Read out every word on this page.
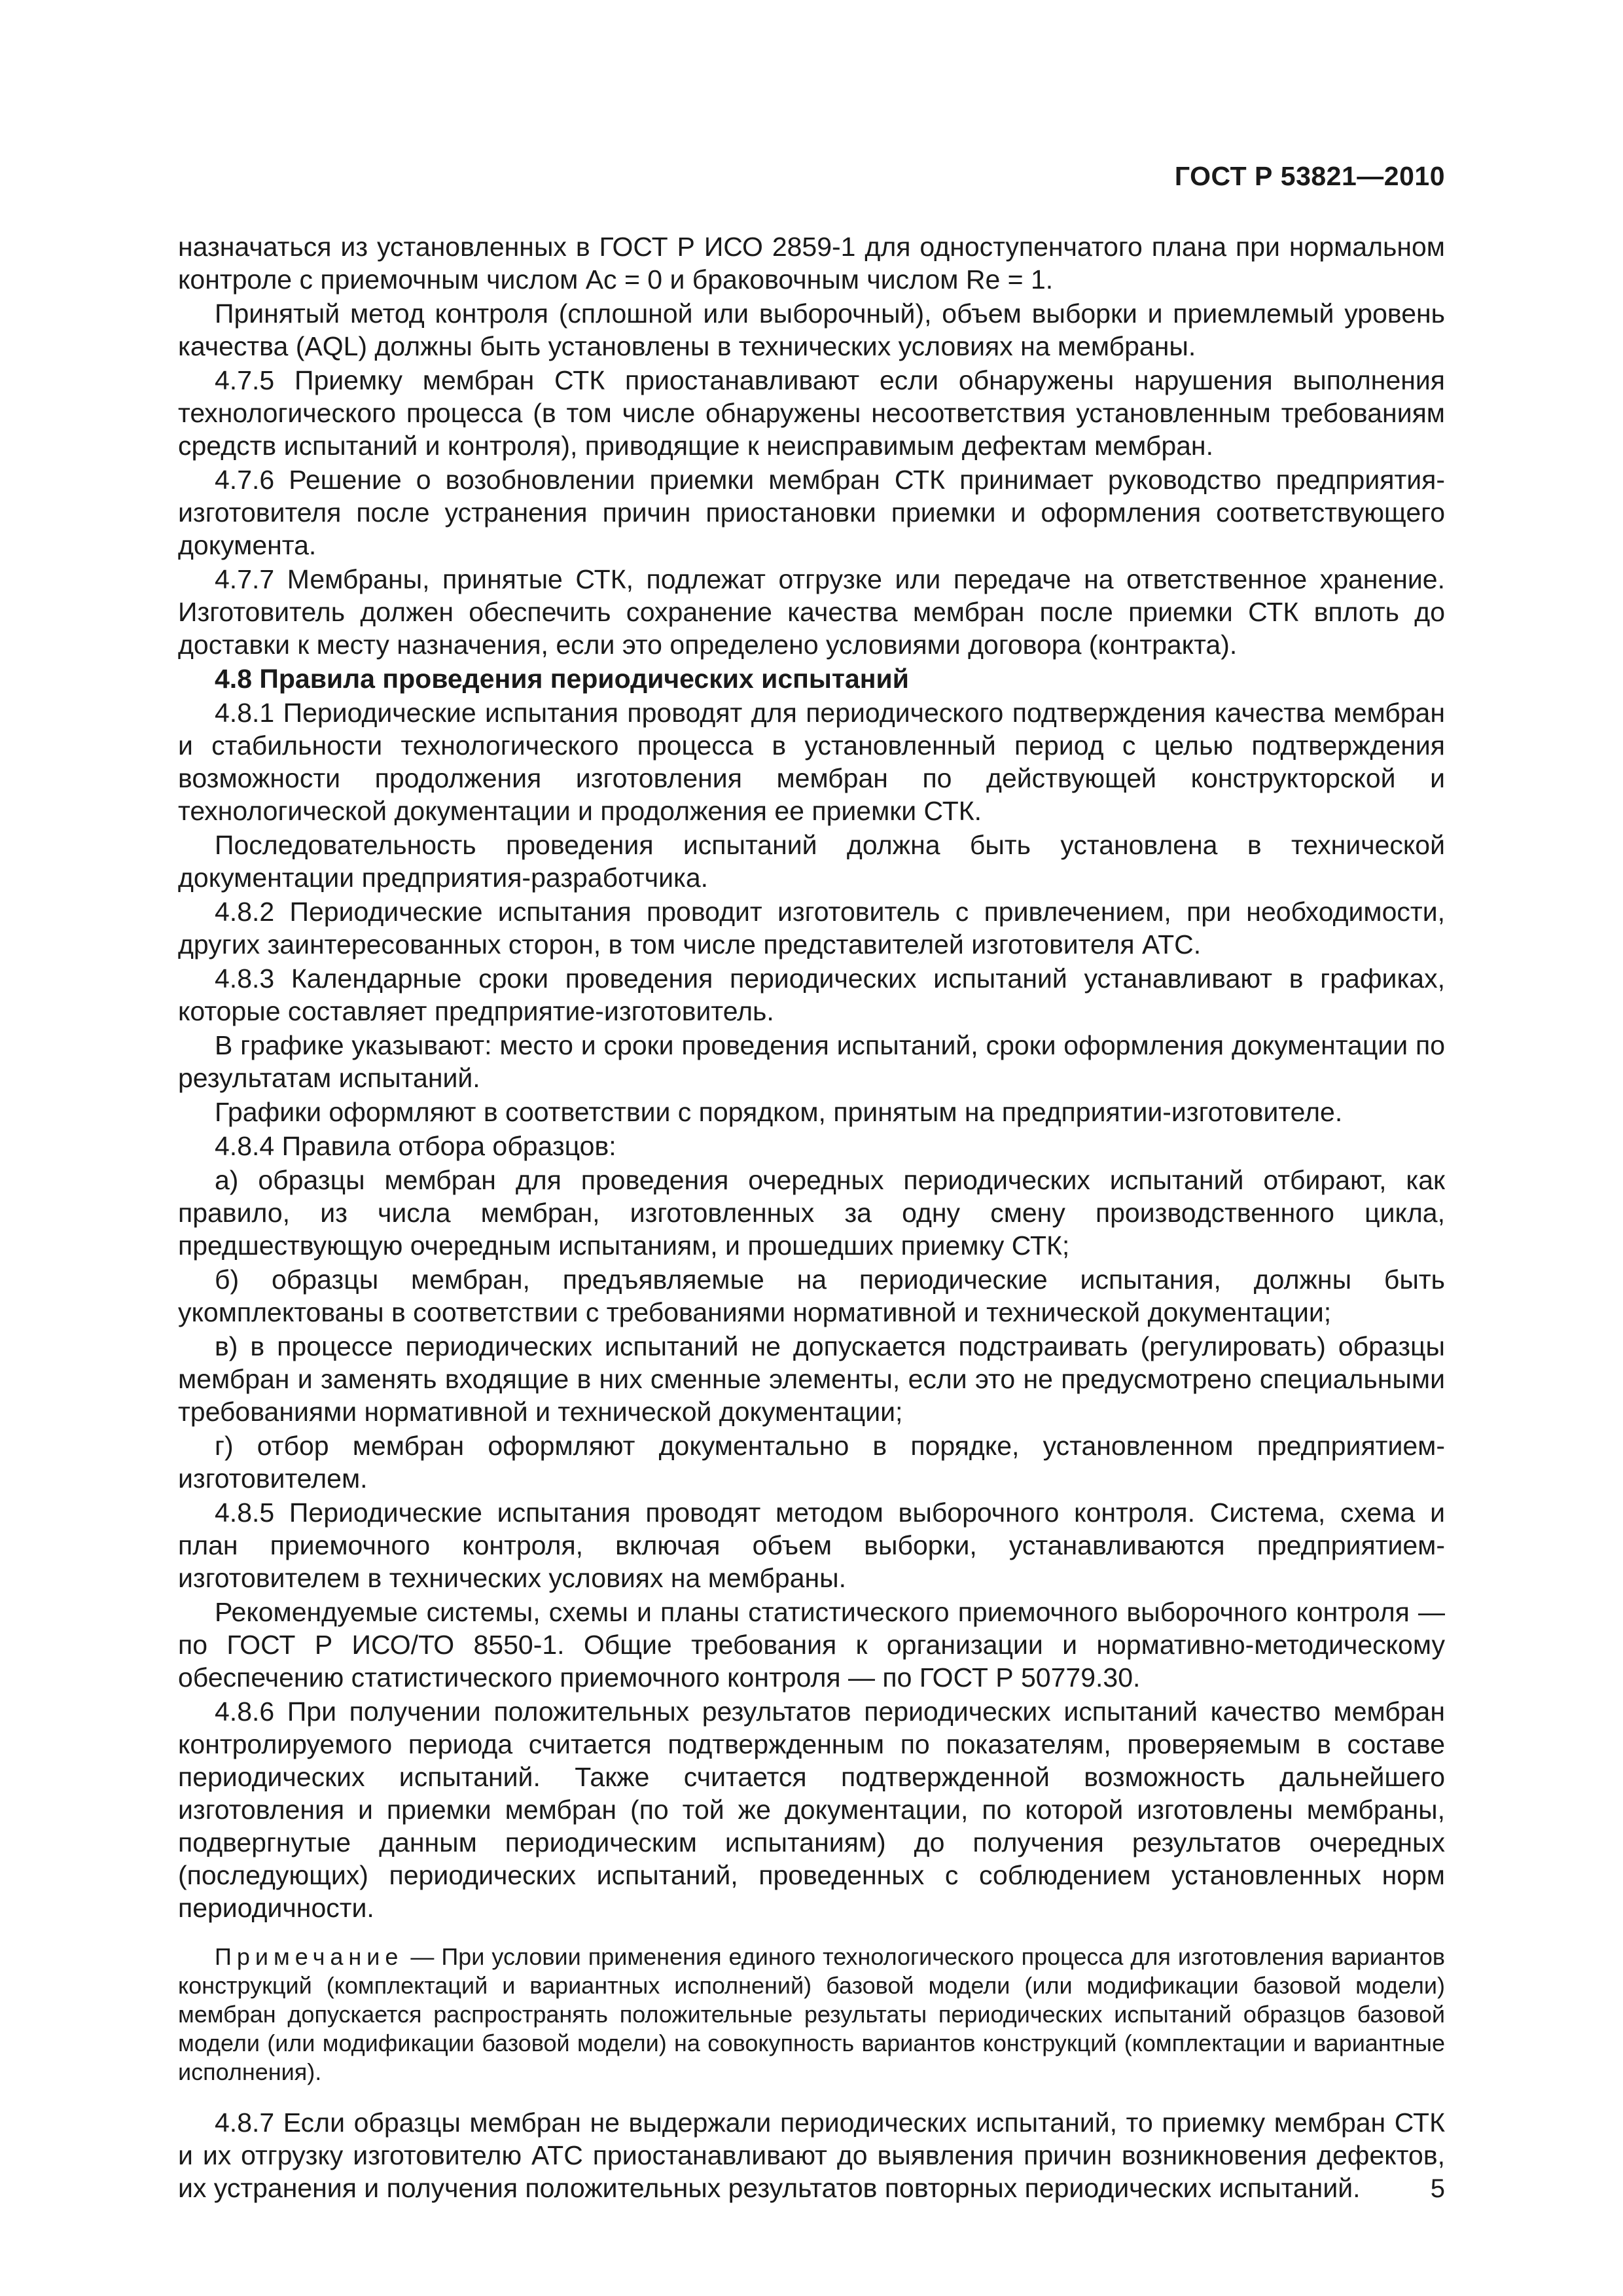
ГОСТ Р 53821—2010

назначаться из установленных в ГОСТ Р ИСО 2859-1 для одноступенчатого плана при нормальном контроле с приемочным числом Ac = 0 и браковочным числом Re = 1.

Принятый метод контроля (сплошной или выборочный), объем выборки и приемлемый уровень качества (AQL) должны быть установлены в технических условиях на мембраны.

4.7.5 Приемку мембран СТК приостанавливают если обнаружены нарушения выполнения технологического процесса (в том числе обнаружены несоответствия установленным требованиям средств испытаний и контроля), приводящие к неисправимым дефектам мембран.

4.7.6 Решение о возобновлении приемки мембран СТК принимает руководство предприятия-изготовителя после устранения причин приостановки приемки и оформления соответствующего документа.

4.7.7 Мембраны, принятые СТК, подлежат отгрузке или передаче на ответственное хранение. Изготовитель должен обеспечить сохранение качества мембран после приемки СТК вплоть до доставки к месту назначения, если это определено условиями договора (контракта).

4.8 Правила проведения периодических испытаний

4.8.1 Периодические испытания проводят для периодического подтверждения качества мембран и стабильности технологического процесса в установленный период с целью подтверждения возможности продолжения изготовления мембран по действующей конструкторской и технологической документации и продолжения ее приемки СТК.

Последовательность проведения испытаний должна быть установлена в технической документации предприятия-разработчика.

4.8.2 Периодические испытания проводит изготовитель с привлечением, при необходимости, других заинтересованных сторон, в том числе представителей изготовителя АТС.

4.8.3 Календарные сроки проведения периодических испытаний устанавливают в графиках, которые составляет предприятие-изготовитель.

В графике указывают: место и сроки проведения испытаний, сроки оформления документации по результатам испытаний.

Графики оформляют в соответствии с порядком, принятым на предприятии-изготовителе.

4.8.4 Правила отбора образцов:

а) образцы мембран для проведения очередных периодических испытаний отбирают, как правило, из числа мембран, изготовленных за одну смену производственного цикла, предшествующую очередным испытаниям, и прошедших приемку СТК;

б) образцы мембран, предъявляемые на периодические испытания, должны быть укомплектованы в соответствии с требованиями нормативной и технической документации;

в) в процессе периодических испытаний не допускается подстраивать (регулировать) образцы мембран и заменять входящие в них сменные элементы, если это не предусмотрено специальными требованиями нормативной и технической документации;

г) отбор мембран оформляют документально в порядке, установленном предприятием-изготовителем.

4.8.5 Периодические испытания проводят методом выборочного контроля. Система, схема и план приемочного контроля, включая объем выборки, устанавливаются предприятием-изготовителем в технических условиях на мембраны.

Рекомендуемые системы, схемы и планы статистического приемочного выборочного контроля — по ГОСТ Р ИСО/ТО 8550-1. Общие требования к организации и нормативно-методическому обеспечению статистического приемочного контроля — по ГОСТ Р 50779.30.

4.8.6 При получении положительных результатов периодических испытаний качество мембран контролируемого периода считается подтвержденным по показателям, проверяемым в составе периодических испытаний. Также считается подтвержденной возможность дальнейшего изготовления и приемки мембран (по той же документации, по которой изготовлены мембраны, подвергнутые данным периодическим испытаниям) до получения результатов очередных (последующих) периодических испытаний, проведенных с соблюдением установленных норм периодичности.

Примечание — При условии применения единого технологического процесса для изготовления вариантов конструкций (комплектаций и вариантных исполнений) базовой модели (или модификации базовой модели) мембран допускается распространять положительные результаты периодических испытаний образцов базовой модели (или модификации базовой модели) на совокупность вариантов конструкций (комплектации и вариантные исполнения).

4.8.7 Если образцы мембран не выдержали периодических испытаний, то приемку мембран СТК и их отгрузку изготовителю АТС приостанавливают до выявления причин возникновения дефектов, их устранения и получения положительных результатов повторных периодических испытаний.	5
